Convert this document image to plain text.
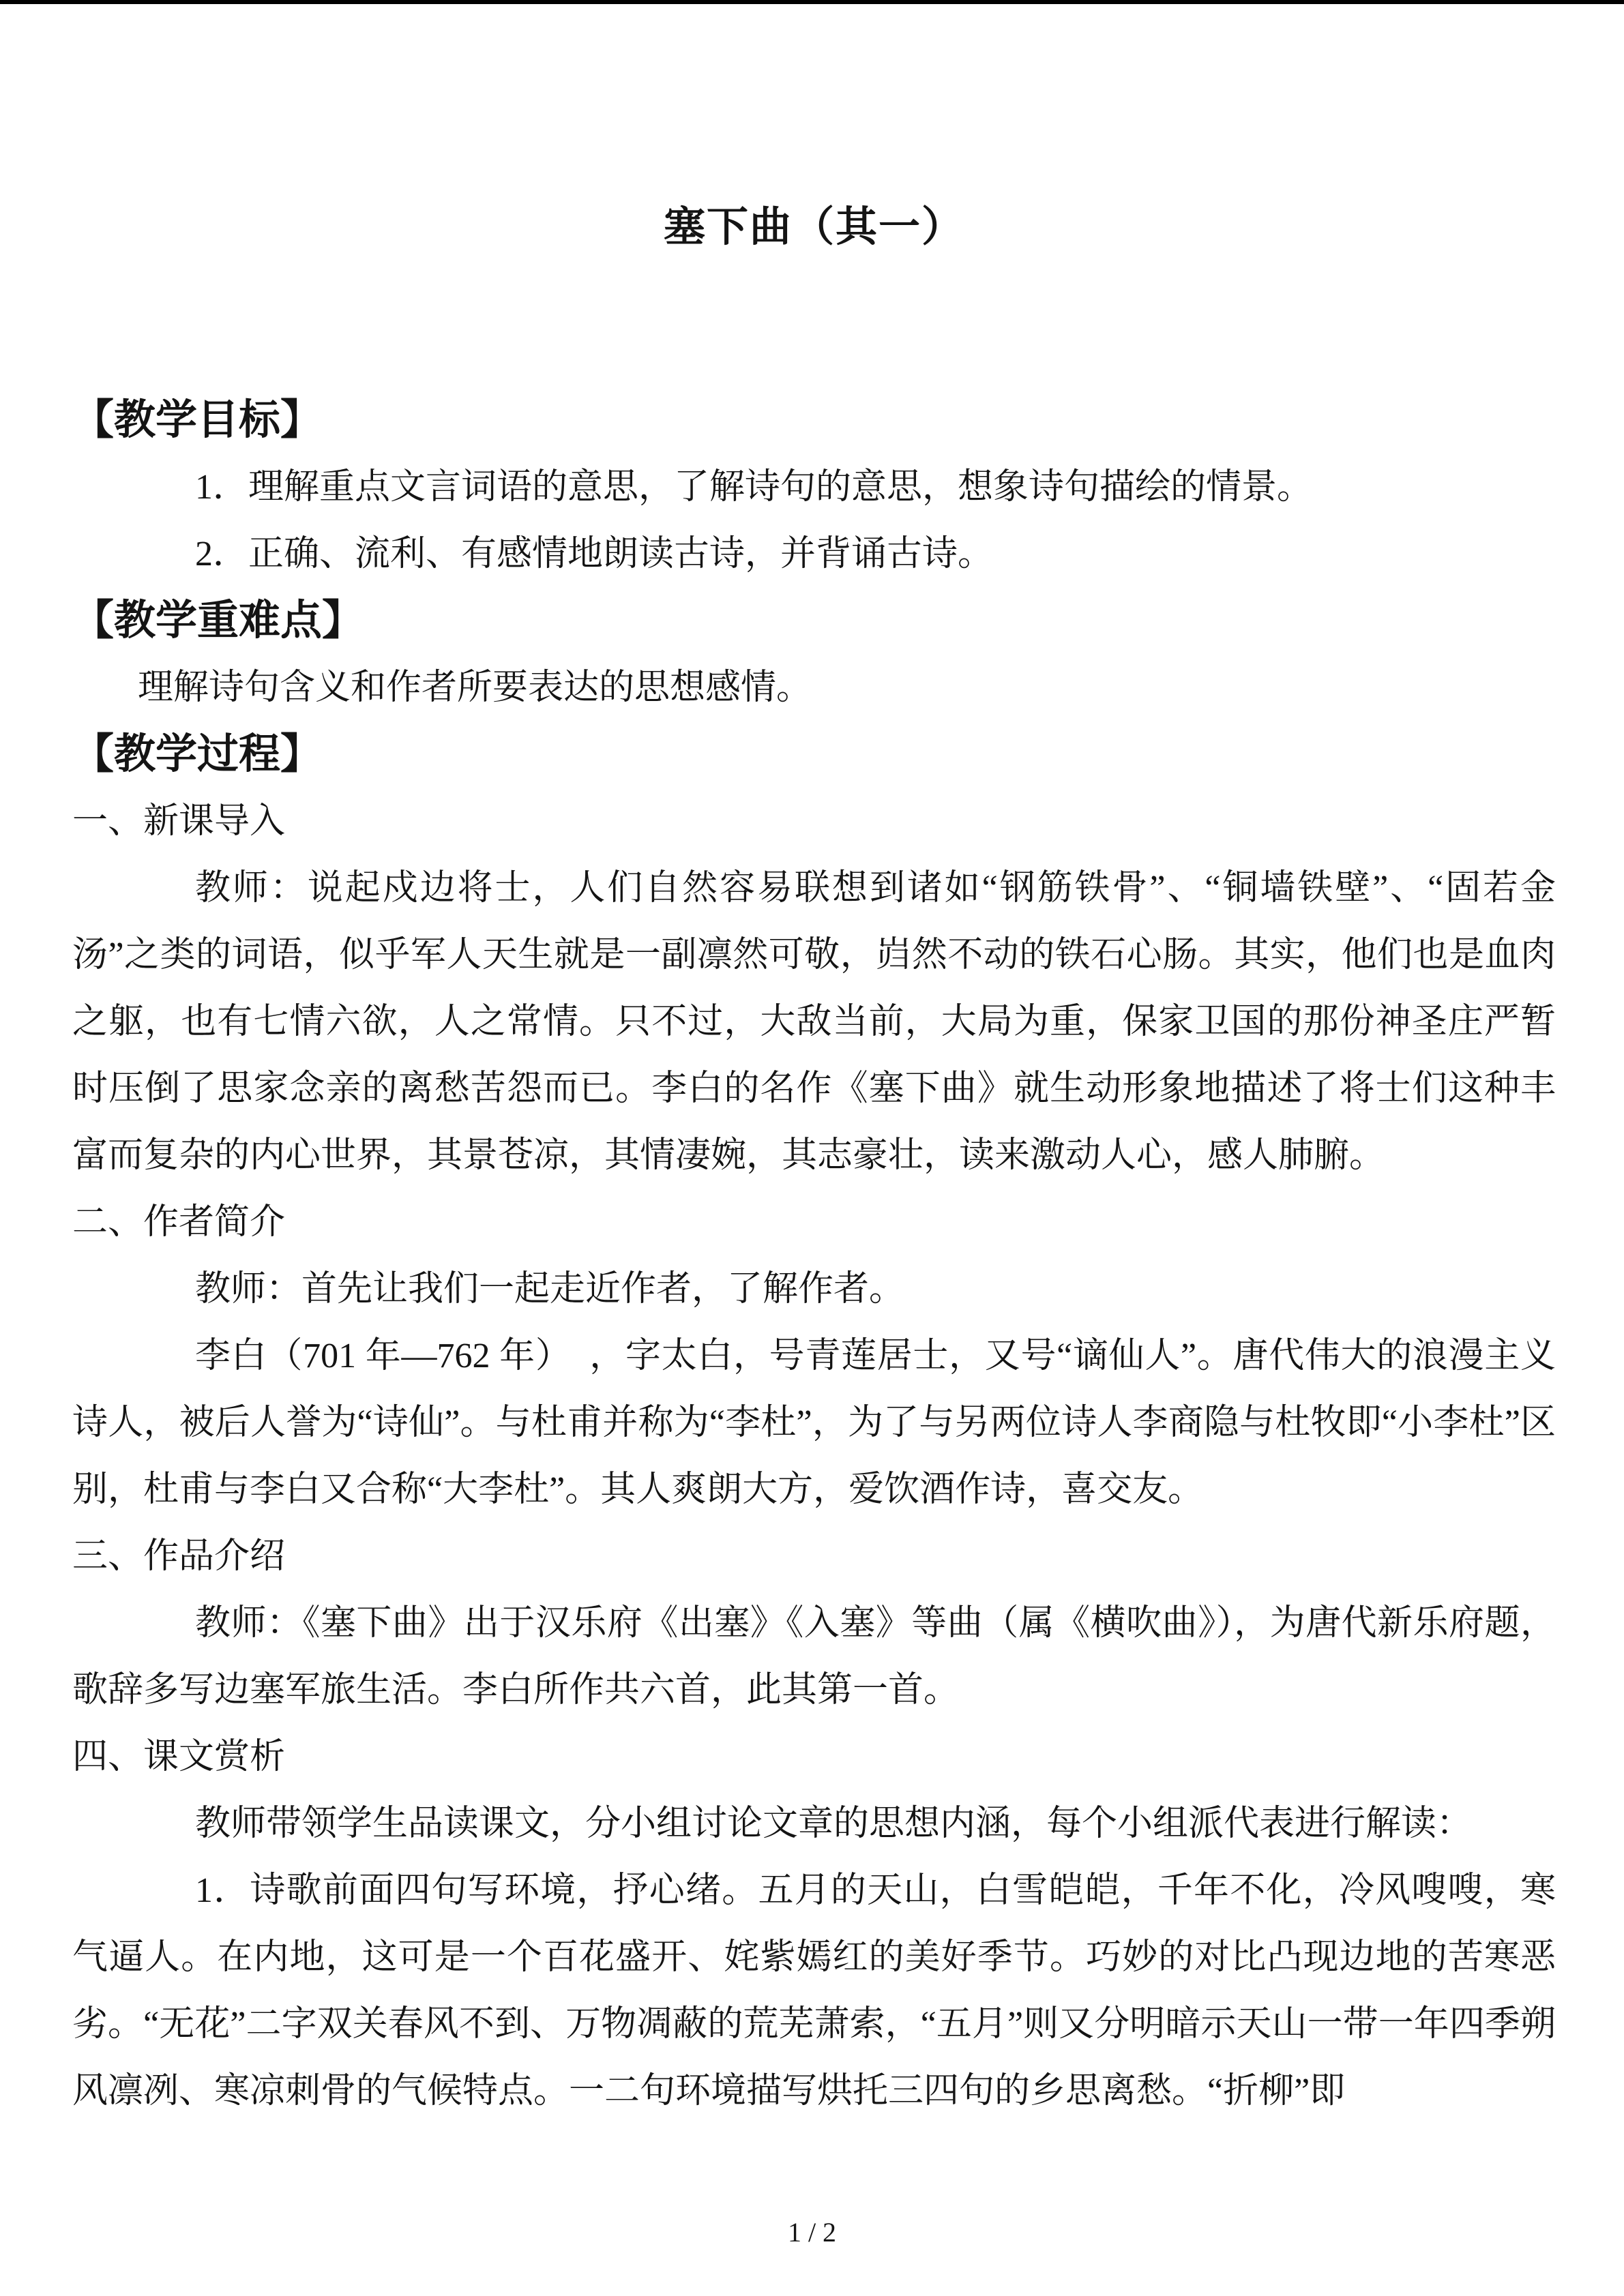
塞下曲（其一）
【教学目标】

1．理解重点文言词语的意思，了解诗句的意思，想象诗句描绘的情景。

2．正确、流利、有感情地朗读古诗，并背诵古诗。

【教学重难点】

理解诗句含义和作者所要表达的思想感情。

【教学过程】
一、新课导入

教师：说起戍边将士，人们自然容易联想到诸如“钢筋铁骨”、“铜墙铁壁”、“固若金汤”之类的词语，似乎军人天生就是一副凛然可敬，岿然不动的铁石心肠。其实，他们也是血肉之躯，也有七情六欲，人之常情。只不过，大敌当前，大局为重，保家卫国的那份神圣庄严暂时压倒了思家念亲的离愁苦怨而已。李白的名作《塞下曲》就生动形象地描述了将士们这种丰富而复杂的内心世界，其景苍凉，其情凄婉，其志豪壮，读来激动人心，感人肺腑。

二、作者简介

教师：首先让我们一起走近作者，了解作者。

李白（701 年—762 年）　，字太白，号青莲居士，又号“谪仙人”。唐代伟大的浪漫主义诗人，被后人誉为“诗仙”。与杜甫并称为“李杜”，为了与另两位诗人李商隐与杜牧即“小李杜”区别，杜甫与李白又合称“大李杜”。其人爽朗大方，爱饮酒作诗，喜交友。

三、作品介绍

教师：《塞下曲》出于汉乐府《出塞》《入塞》等曲（属《横吹曲》），为唐代新乐府题，歌辞多写边塞军旅生活。李白所作共六首，此其第一首。

四、课文赏析

教师带领学生品读课文，分小组讨论文章的思想内涵，每个小组派代表进行解读：

1．诗歌前面四句写环境，抒心绪。五月的天山，白雪皑皑，千年不化，冷风嗖嗖，寒气逼人。在内地，这可是一个百花盛开、姹紫嫣红的美好季节。巧妙的对比凸现边地的苦寒恶劣。“无花”二字双关春风不到、万物凋蔽的荒芜萧索，“五月”则又分明暗示天山一带一年四季朔风凛冽、寒凉刺骨的气候特点。一二句环境描写烘托三四句的乡思离愁。“折柳”即

1 / 2
